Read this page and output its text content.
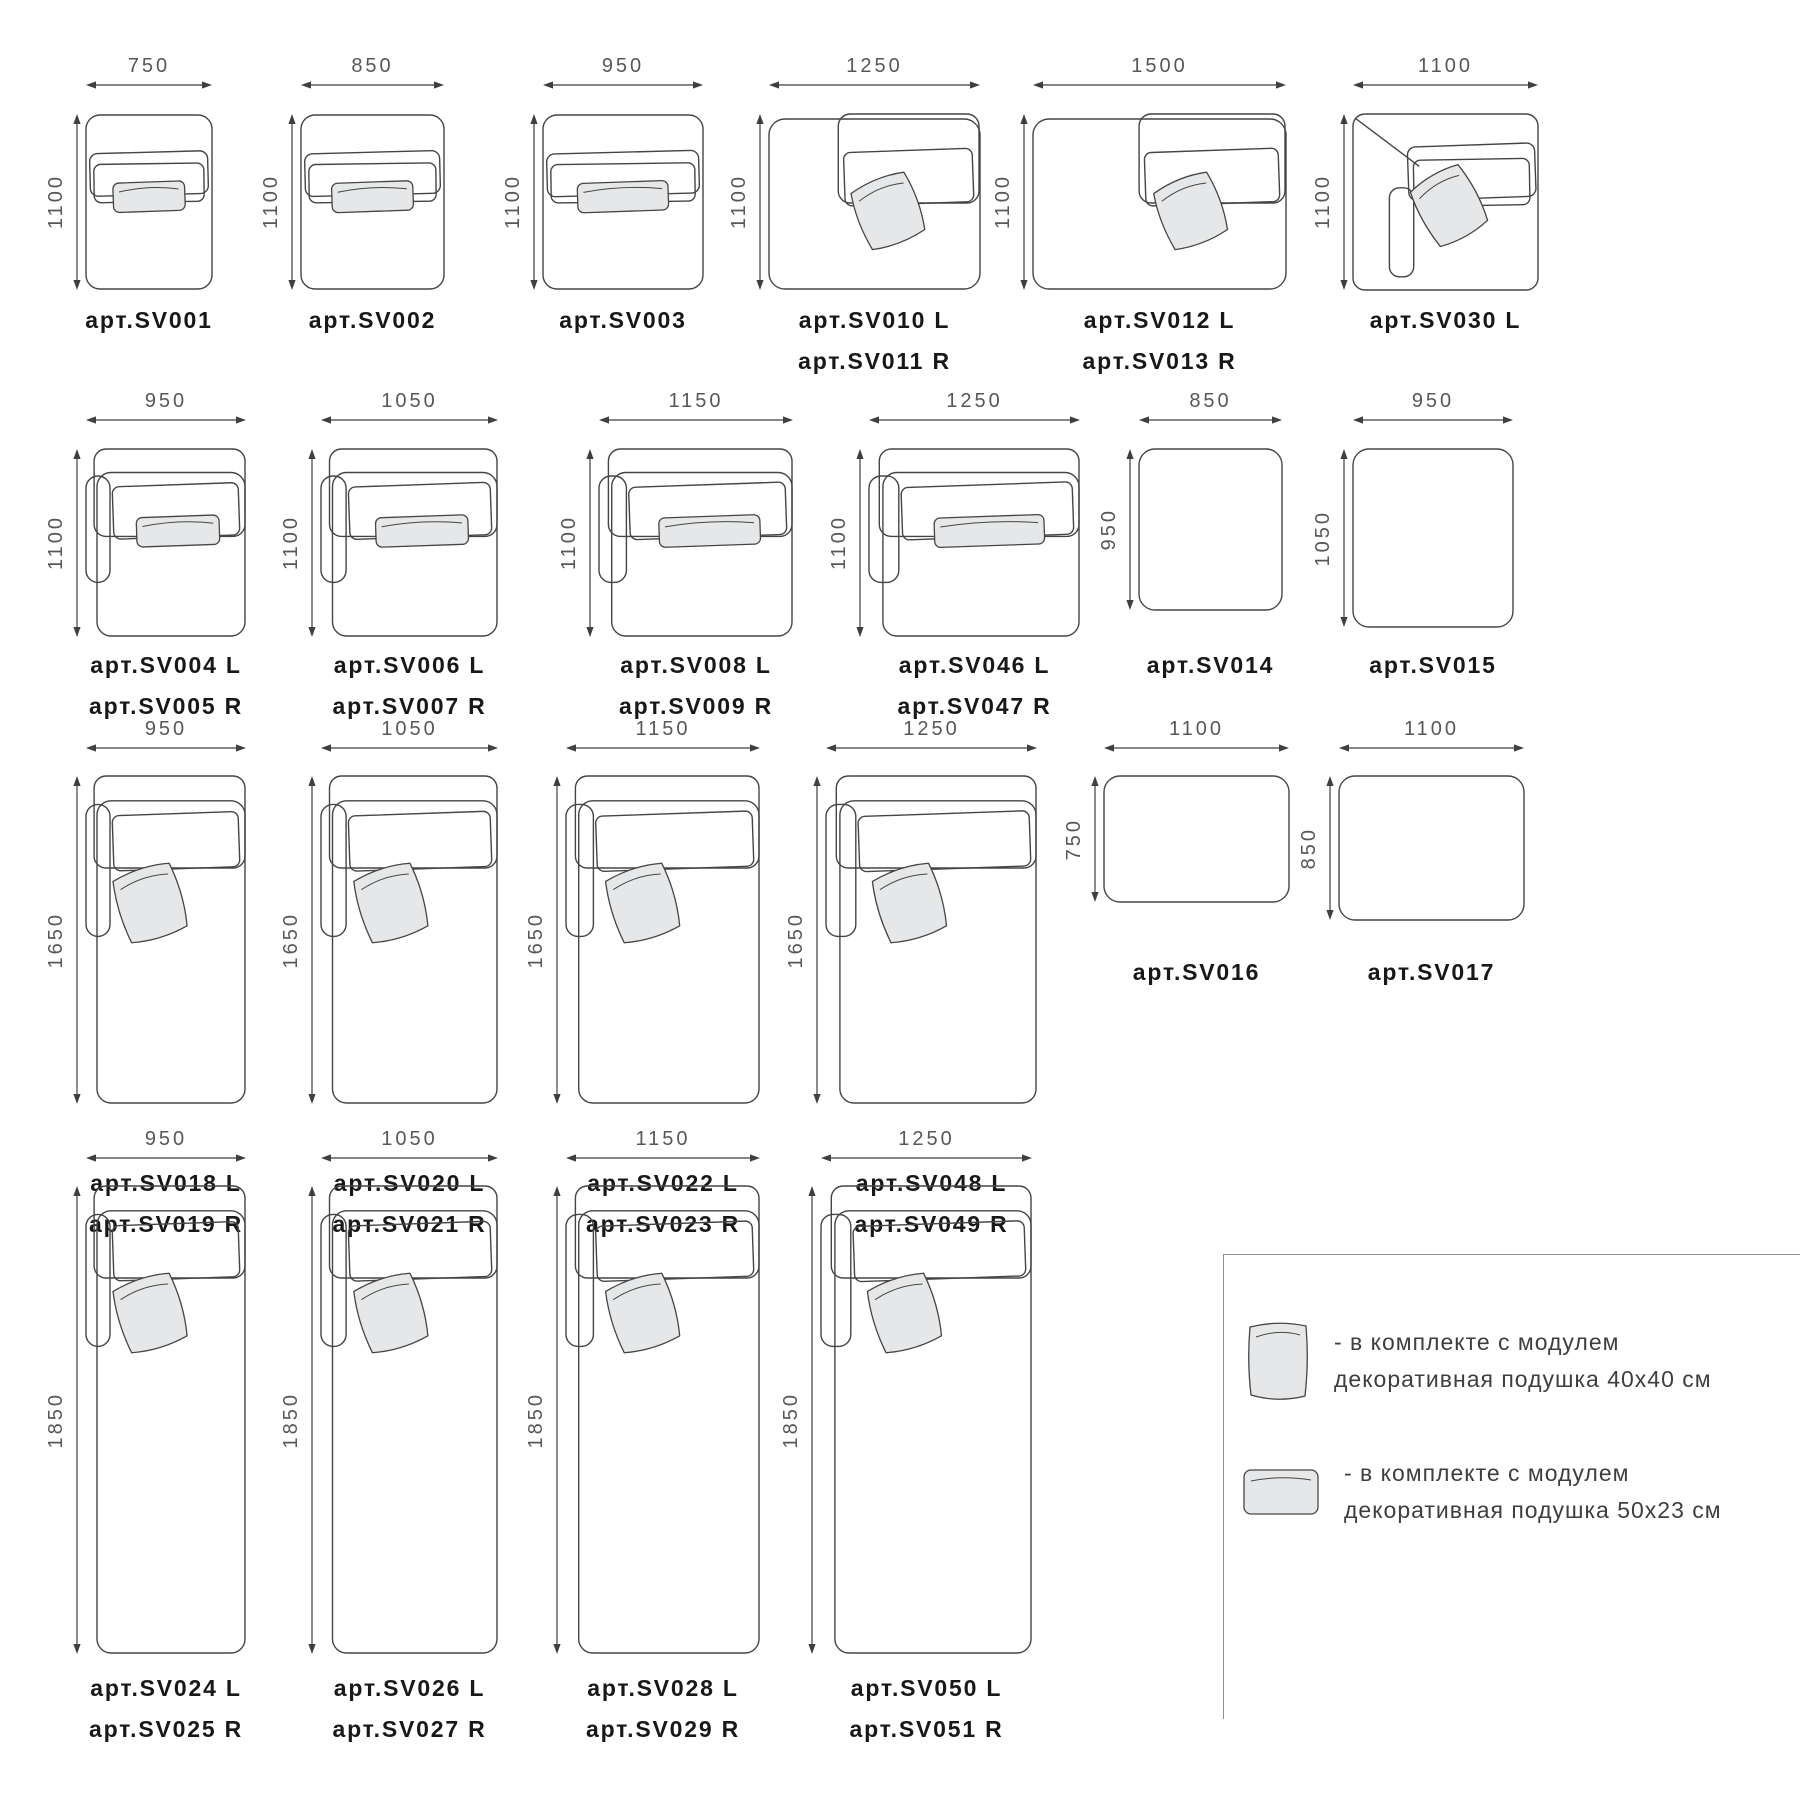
750
1100
арт.SV001
850
1100
арт.SV002
950
1100
арт.SV003
1250
1100
арт.SV010 L
арт.SV011 R
1500
1100
арт.SV012 L
арт.SV013 R
1100
1100
арт.SV030 L
950
1100
арт.SV004 L
арт.SV005 R
1050
1100
арт.SV006 L
арт.SV007 R
1150
1100
арт.SV008 L
арт.SV009 R
1250
1100
арт.SV046 L
арт.SV047 R
850
950
арт.SV014
950
1050
арт.SV015
950
1650
арт.SV018 L
арт.SV019 R
1050
1650
арт.SV020 L
арт.SV021 R
1150
1650
арт.SV022 L
арт.SV023 R
1250
1650
арт.SV048 L
арт.SV049 R
1100
750
арт.SV016
1100
850
арт.SV017
950
1850
арт.SV024 L
арт.SV025 R
1050
1850
арт.SV026 L
арт.SV027 R
1150
1850
арт.SV028 L
арт.SV029 R
1250
1850
арт.SV050 L
арт.SV051 R
- в комплекте с модулем
декоративная подушка 40х40 см
- в комплекте с модулем
декоративная подушка 50х23 см
